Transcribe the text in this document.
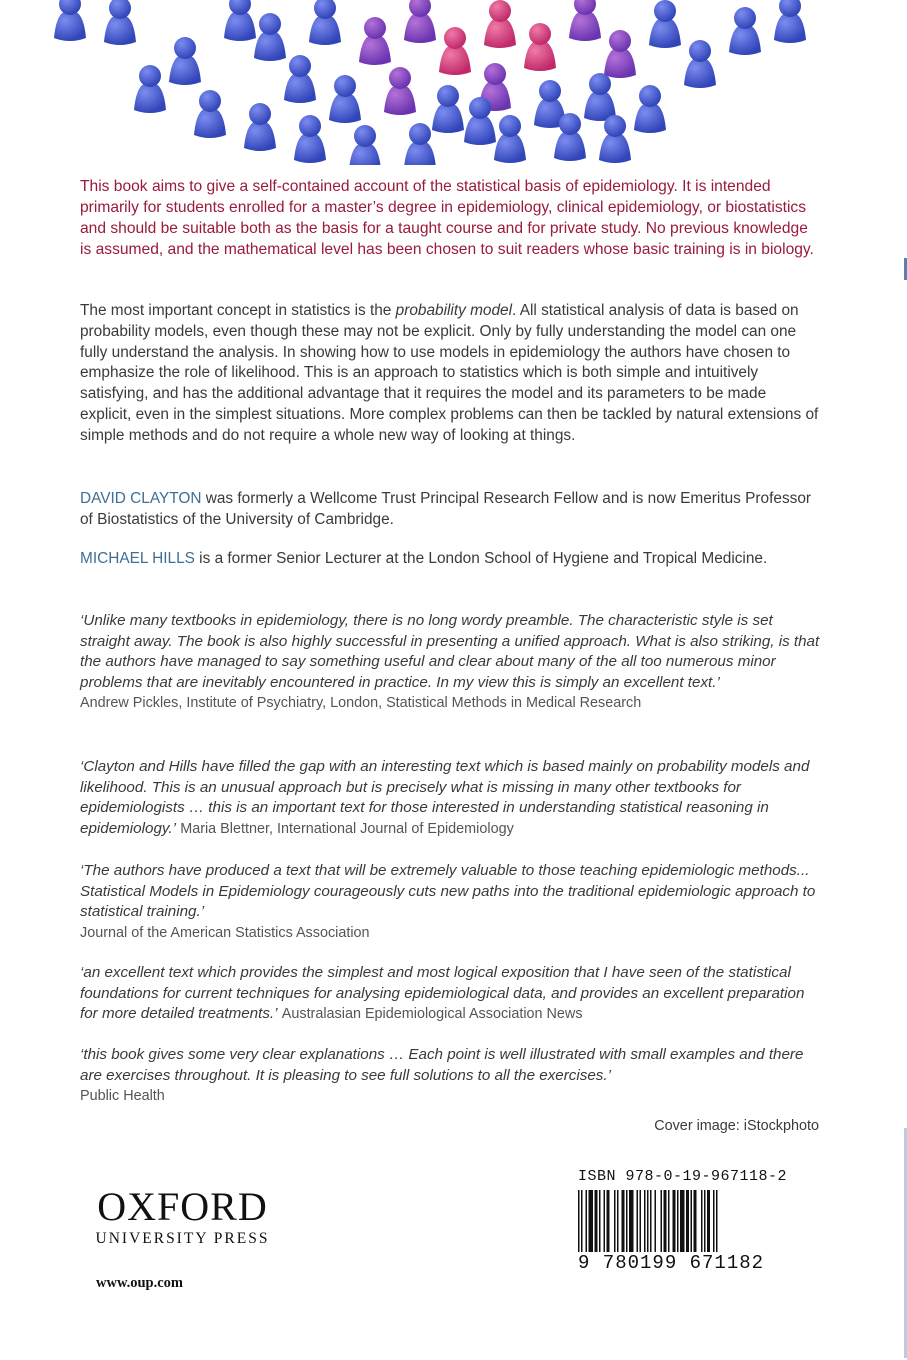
This book aims to give a self-contained account of the statistical basis of epidemiology. It is intended primarily for students enrolled for a master’s degree in epidemiology, clinical epidemiology, or biostatistics and should be suitable both as the basis for a taught course and for private study. No previous knowledge is assumed, and the mathematical level has been chosen to suit readers whose basic training is in biology.

The most important concept in statistics is the probability model. All statistical analysis of data is based on probability models, even though these may not be explicit. Only by fully understanding the model can one fully understand the analysis. In showing how to use models in epidemiology the authors have chosen to emphasize the role of likelihood. This is an approach to statistics which is both simple and intuitively satisfying, and has the additional advantage that it requires the model and its parameters to be made explicit, even in the simplest situations. More complex problems can then be tackled by natural extensions of simple methods and do not require a whole new way of looking at things.

DAVID CLAYTON was formerly a Wellcome Trust Principal Research Fellow and is now Emeritus Professor of Biostatistics of the University of Cambridge.

MICHAEL HILLS is a former Senior Lecturer at the London School of Hygiene and Tropical Medicine.

‘Unlike many textbooks in epidemiology, there is no long wordy preamble. The characteristic style is set straight away. The book is also highly successful in presenting a unified approach. What is also striking, is that the authors have managed to say something useful and clear about many of the all too numerous minor problems that are inevitably encountered in practice. In my view this is simply an excellent text.’
Andrew Pickles, Institute of Psychiatry, London, Statistical Methods in Medical Research

‘Clayton and Hills have filled the gap with an interesting text which is based mainly on probability models and likelihood. This is an unusual approach but is precisely what is missing in many other textbooks for epidemiologists … this is an important text for those interested in understanding statistical reasoning in epidemiology.’ Maria Blettner, International Journal of Epidemiology

‘The authors have produced a text that will be extremely valuable to those teaching epidemiologic methods... Statistical Models in Epidemiology courageously cuts new paths into the traditional epidemiologic approach to statistical training.’
Journal of the American Statistics Association

‘an excellent text which provides the simplest and most logical exposition that I have seen of the statistical foundations for current techniques for analysing epidemiological data, and provides an excellent preparation for more detailed treatments.’ Australasian Epidemiological Association News

‘this book gives some very clear explanations … Each point is well illustrated with small examples and there are exercises throughout. It is pleasing to see full solutions to all the exercises.’
Public Health

Cover image: iStockphoto

OXFORD
UNIVERSITY PRESS
www.oup.com
ISBN 978-0-19-967118-2
9 780199 671182
